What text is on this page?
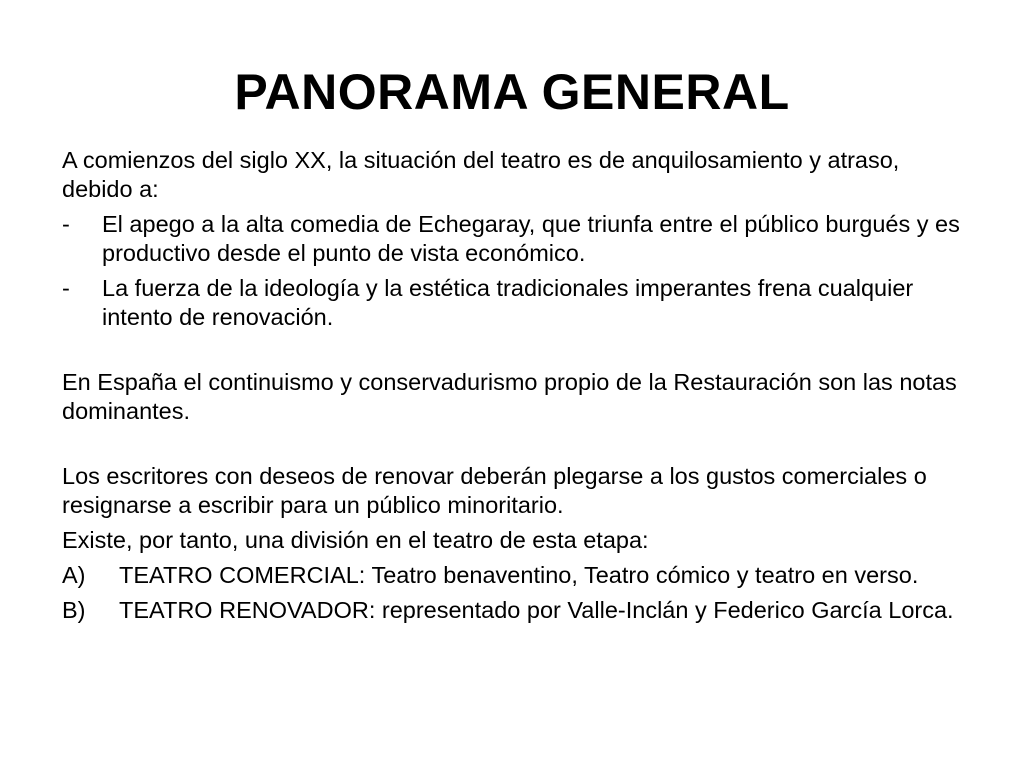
PANORAMA GENERAL

A comienzos del siglo XX, la situación del teatro es de anquilosamiento y atraso, debido a:

- El apego a la alta comedia de Echegaray, que triunfa entre el público burgués y es productivo desde el punto de vista económico.
- La fuerza de la ideología y la estética tradicionales imperantes frena cualquier intento de renovación.

En España el continuismo y conservadurismo propio de la Restauración son las notas dominantes.

Los escritores con deseos de renovar deberán plegarse a los gustos comerciales o resignarse a escribir para un público minoritario.

Existe, por tanto, una división en el teatro de esta etapa:

A) TEATRO COMERCIAL: Teatro benaventino, Teatro cómico y teatro en verso.
B) TEATRO RENOVADOR: representado por Valle-Inclán y Federico García Lorca.
